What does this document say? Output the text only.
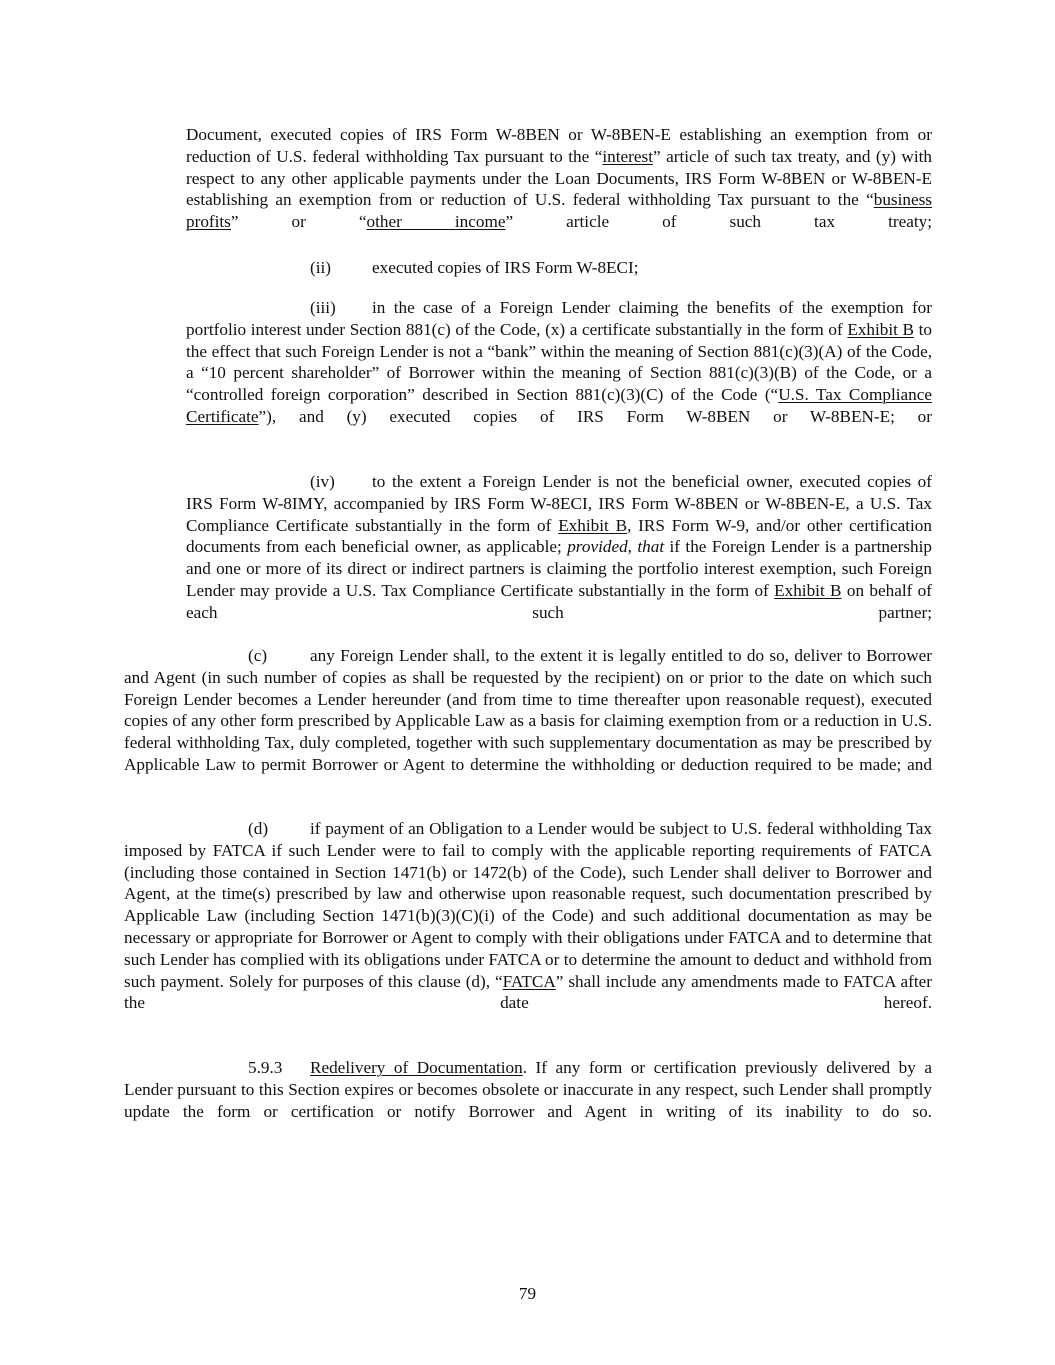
Document, executed copies of IRS Form W-8BEN or W-8BEN-E establishing an exemption from or reduction of U.S. federal withholding Tax pursuant to the “interest” article of such tax treaty, and (y) with respect to any other applicable payments under the Loan Documents, IRS Form W-8BEN or W-8BEN-E establishing an exemption from or reduction of U.S. federal withholding Tax pursuant to the “business profits” or “other income” article of such tax treaty;

(ii) executed copies of IRS Form W-8ECI;

(iii) in the case of a Foreign Lender claiming the benefits of the exemption for portfolio interest under Section 881(c) of the Code, (x) a certificate substantially in the form of Exhibit B to the effect that such Foreign Lender is not a “bank” within the meaning of Section 881(c)(3)(A) of the Code, a “10 percent shareholder” of Borrower within the meaning of Section 881(c)(3)(B) of the Code, or a “controlled foreign corporation” described in Section 881(c)(3)(C) of the Code (“U.S. Tax Compliance Certificate”), and (y) executed copies of IRS Form W-8BEN or W-8BEN-E; or

(iv) to the extent a Foreign Lender is not the beneficial owner, executed copies of IRS Form W-8IMY, accompanied by IRS Form W-8ECI, IRS Form W-8BEN or W-8BEN-E, a U.S. Tax Compliance Certificate substantially in the form of Exhibit B, IRS Form W-9, and/or other certification documents from each beneficial owner, as applicable; provided, that if the Foreign Lender is a partnership and one or more of its direct or indirect partners is claiming the portfolio interest exemption, such Foreign Lender may provide a U.S. Tax Compliance Certificate substantially in the form of Exhibit B on behalf of each such partner;

(c) any Foreign Lender shall, to the extent it is legally entitled to do so, deliver to Borrower and Agent (in such number of copies as shall be requested by the recipient) on or prior to the date on which such Foreign Lender becomes a Lender hereunder (and from time to time thereafter upon reasonable request), executed copies of any other form prescribed by Applicable Law as a basis for claiming exemption from or a reduction in U.S. federal withholding Tax, duly completed, together with such supplementary documentation as may be prescribed by Applicable Law to permit Borrower or Agent to determine the withholding or deduction required to be made; and

(d) if payment of an Obligation to a Lender would be subject to U.S. federal withholding Tax imposed by FATCA if such Lender were to fail to comply with the applicable reporting requirements of FATCA (including those contained in Section 1471(b) or 1472(b) of the Code), such Lender shall deliver to Borrower and Agent, at the time(s) prescribed by law and otherwise upon reasonable request, such documentation prescribed by Applicable Law (including Section 1471(b)(3)(C)(i) of the Code) and such additional documentation as may be necessary or appropriate for Borrower or Agent to comply with their obligations under FATCA and to determine that such Lender has complied with its obligations under FATCA or to determine the amount to deduct and withhold from such payment. Solely for purposes of this clause (d), “FATCA” shall include any amendments made to FATCA after the date hereof.

5.9.3 Redelivery of Documentation. If any form or certification previously delivered by a Lender pursuant to this Section expires or becomes obsolete or inaccurate in any respect, such Lender shall promptly update the form or certification or notify Borrower and Agent in writing of its inability to do so.

79
